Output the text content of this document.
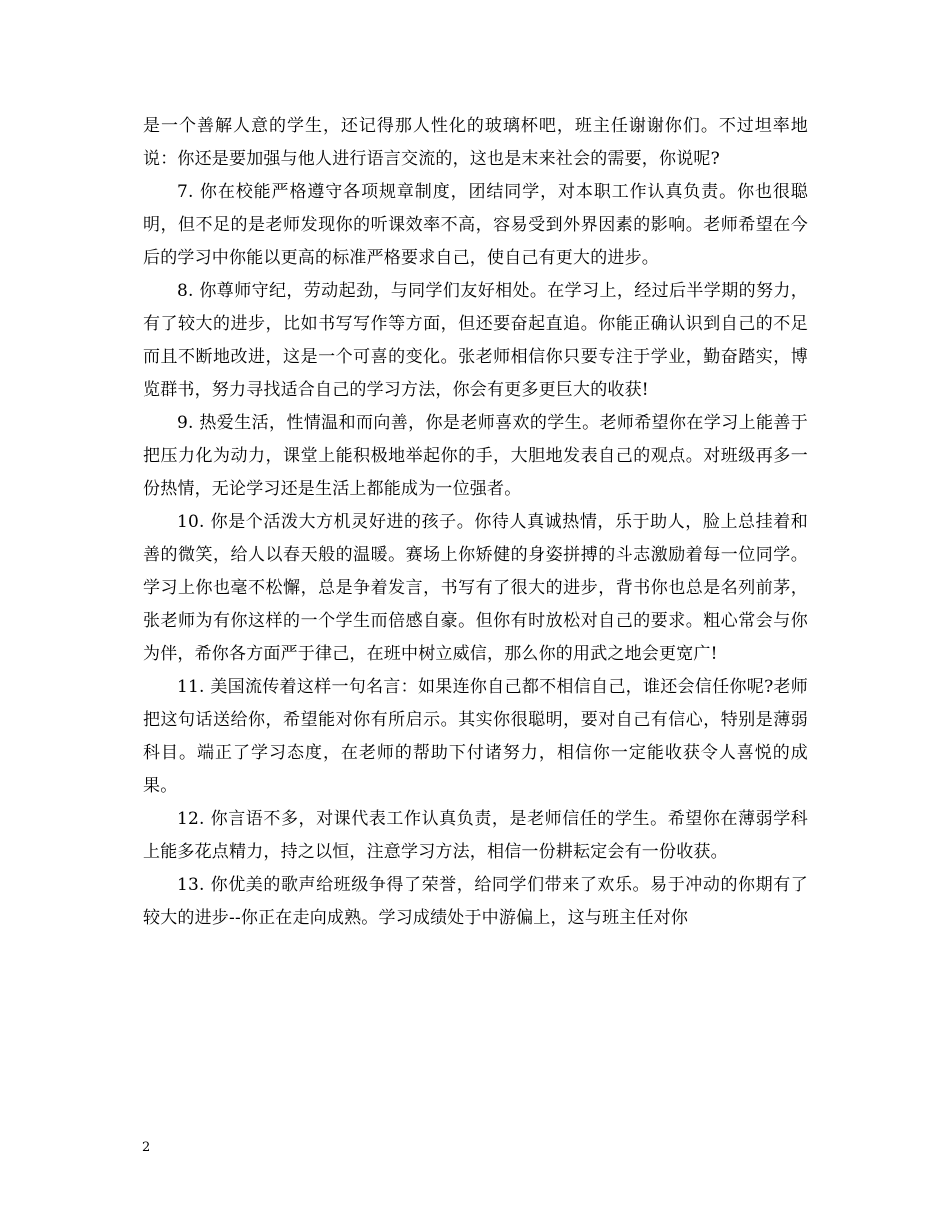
是一个善解人意的学生，还记得那人性化的玻璃杯吧，班主任谢谢你们。不过坦率地说：你还是要加强与他人进行语言交流的，这也是末来社会的需要，你说呢?

7. 你在校能严格遵守各项规章制度，团结同学，对本职工作认真负责。你也很聪明，但不足的是老师发现你的听课效率不高，容易受到外界因素的影响。老师希望在今后的学习中你能以更高的标准严格要求自己，使自己有更大的进步。

8. 你尊师守纪，劳动起劲，与同学们友好相处。在学习上，经过后半学期的努力，有了较大的进步，比如书写写作等方面，但还要奋起直追。你能正确认识到自己的不足而且不断地改进，这是一个可喜的变化。张老师相信你只要专注于学业，勤奋踏实，博览群书，努力寻找适合自己的学习方法，你会有更多更巨大的收获!

9. 热爱生活，性情温和而向善，你是老师喜欢的学生。老师希望你在学习上能善于把压力化为动力，课堂上能积极地举起你的手，大胆地发表自己的观点。对班级再多一份热情，无论学习还是生活上都能成为一位强者。

10. 你是个活泼大方机灵好进的孩子。你待人真诚热情，乐于助人，脸上总挂着和善的微笑，给人以春天般的温暖。赛场上你矫健的身姿拼搏的斗志激励着每一位同学。学习上你也毫不松懈，总是争着发言，书写有了很大的进步，背书你也总是名列前茅，张老师为有你这样的一个学生而倍感自豪。但你有时放松对自己的要求。粗心常会与你为伴，希你各方面严于律己，在班中树立威信，那么你的用武之地会更宽广!

11. 美国流传着这样一句名言：如果连你自己都不相信自己，谁还会信任你呢?老师把这句话送给你，希望能对你有所启示。其实你很聪明，要对自己有信心，特别是薄弱科目。端正了学习态度，在老师的帮助下付诸努力，相信你一定能收获令人喜悦的成果。

12. 你言语不多，对课代表工作认真负责，是老师信任的学生。希望你在薄弱学科上能多花点精力，持之以恒，注意学习方法，相信一份耕耘定会有一份收获。

13. 你优美的歌声给班级争得了荣誉，给同学们带来了欢乐。易于冲动的你期有了较大的进步--你正在走向成熟。学习成绩处于中游偏上，这与班主任对你

2
